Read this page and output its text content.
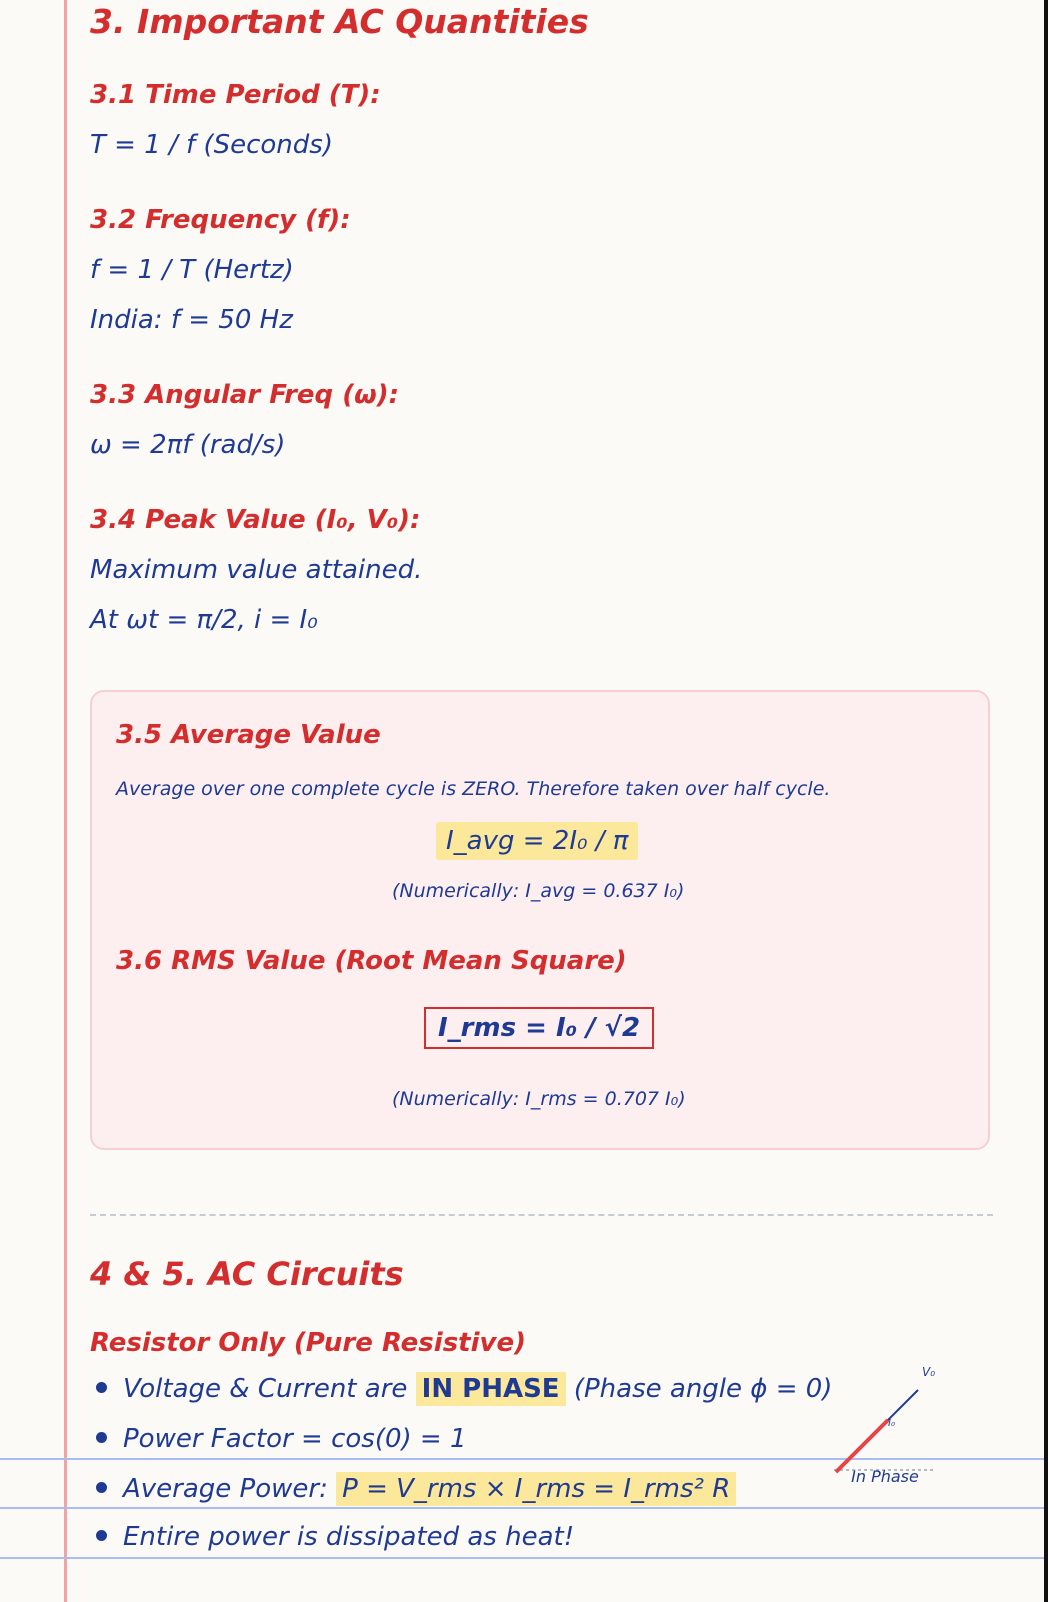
3. Important AC Quantities
3.1 Time Period (T):
T = 1 / f (Seconds)
3.2 Frequency (f):
f = 1 / T (Hertz)
India: f = 50 Hz
3.3 Angular Freq (ω):
ω = 2πf (rad/s)
3.4 Peak Value (I₀, V₀):
Maximum value attained.
At ωt = π/2, i = I₀
3.5 Average Value
Average over one complete cycle is ZERO. Therefore taken over half cycle.
I_avg = 2I₀ / π
(Numerically: I_avg = 0.637 I₀)
3.6 RMS Value (Root Mean Square)
I_rms = I₀ / √2
(Numerically: I_rms = 0.707 I₀)
4 & 5. AC Circuits
Resistor Only (Pure Resistive)
Voltage & Current are IN PHASE (Phase angle ϕ = 0)
Power Factor = cos(0) = 1
Average Power: P = V_rms × I_rms = I_rms² R
Entire power is dissipated as heat!
V₀
I₀
In Phase
